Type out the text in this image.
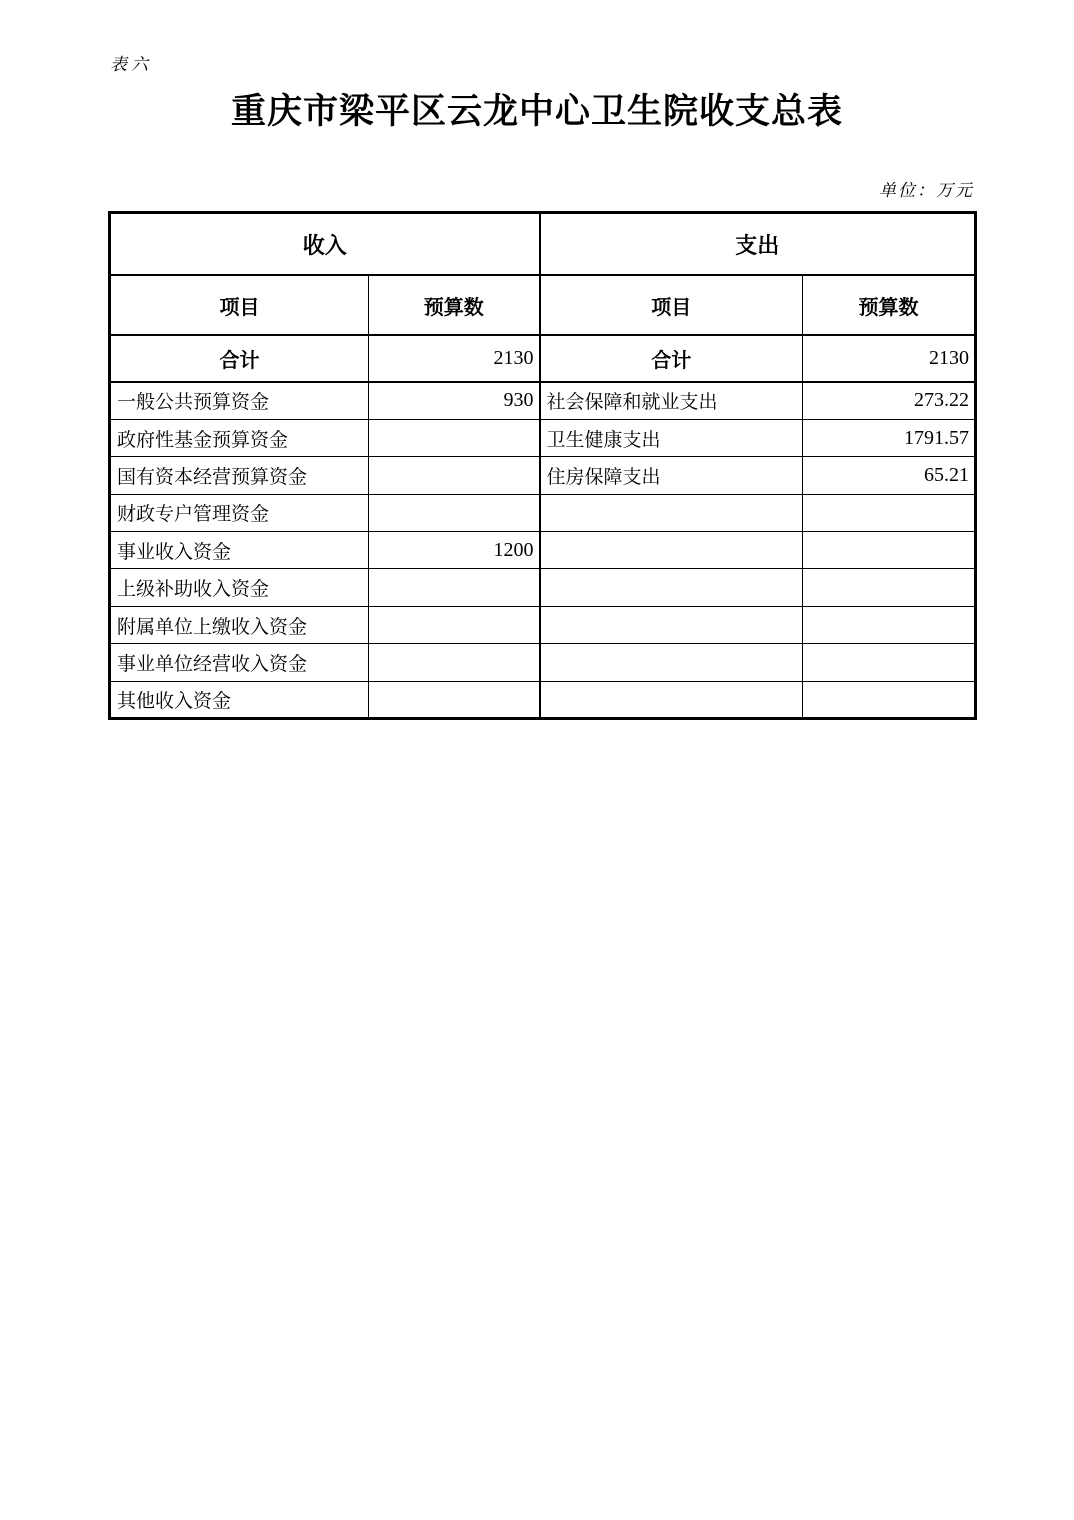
表六
重庆市梁平区云龙中心卫生院收支总表
单位：万元
收入		支出	
项目	预算数	项目	预算数
合计	2130	合计	2130
一般公共预算资金	930	社会保障和就业支出	273.22
政府性基金预算资金		卫生健康支出	1791.57
国有资本经营预算资金		住房保障支出	65.21
财政专户管理资金			
事业收入资金	1200		
上级补助收入资金			
附属单位上缴收入资金			
事业单位经营收入资金			
其他收入资金			
